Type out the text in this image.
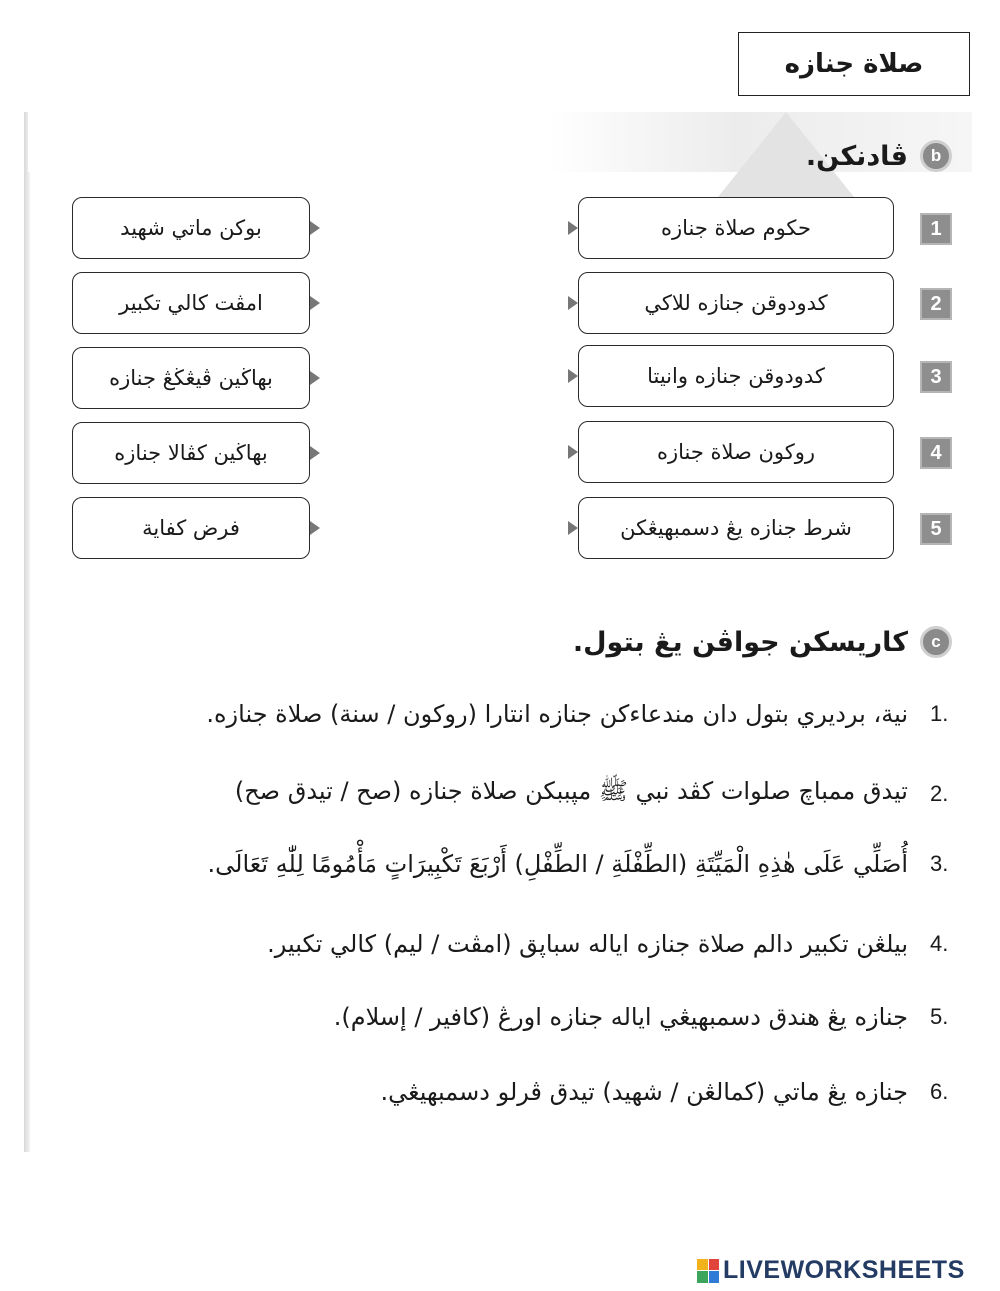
صلاة جنازه
b
ڤادنكن.
1
حكوم صلاة جنازه
بوكن ماتي شهيد
2
كدودوقن جنازه للاكي
امڤت كالي تكبير
3
كدودوقن جنازه وانيتا
بهاڬين ڤيڠڬڠ جنازه
4
روكون صلاة جنازه
بهاڬين كڤالا جنازه
5
شرط جنازه يڠ دسمبهيڠكن
فرض كفاية
c
كاريسكن جواڤن يڠ بتول.
نية، برديري بتول دان مندعاءكن جنازه انتارا (روكون / سنة) صلاة جنازه. 1.
تيدق ممباچ صلوات كڤد نبي ﷺ مپببكن صلاة جنازه (صح / تيدق صح) 2.
أُصَلِّي عَلَى هٰذِهِ الْمَيِّتَةِ (الطِّفْلَةِ / الطِّفْلِ) أَرْبَعَ تَكْبِيرَاتٍ مَأْمُومًا لِلّٰهِ تَعَالَى. 3.
بيلڠن تكبير دالم صلاة جنازه اياله سباڽق (امڤت / ليم) كالي تكبير. 4.
جنازه يڠ هندق دسمبهيڠي اياله جنازه اورڠ (كافير / إسلام). 5.
جنازه يڠ ماتي (كمالڠن / شهيد) تيدق ڤرلو دسمبهيڠي. 6.
LIVEWORKSHEETS
